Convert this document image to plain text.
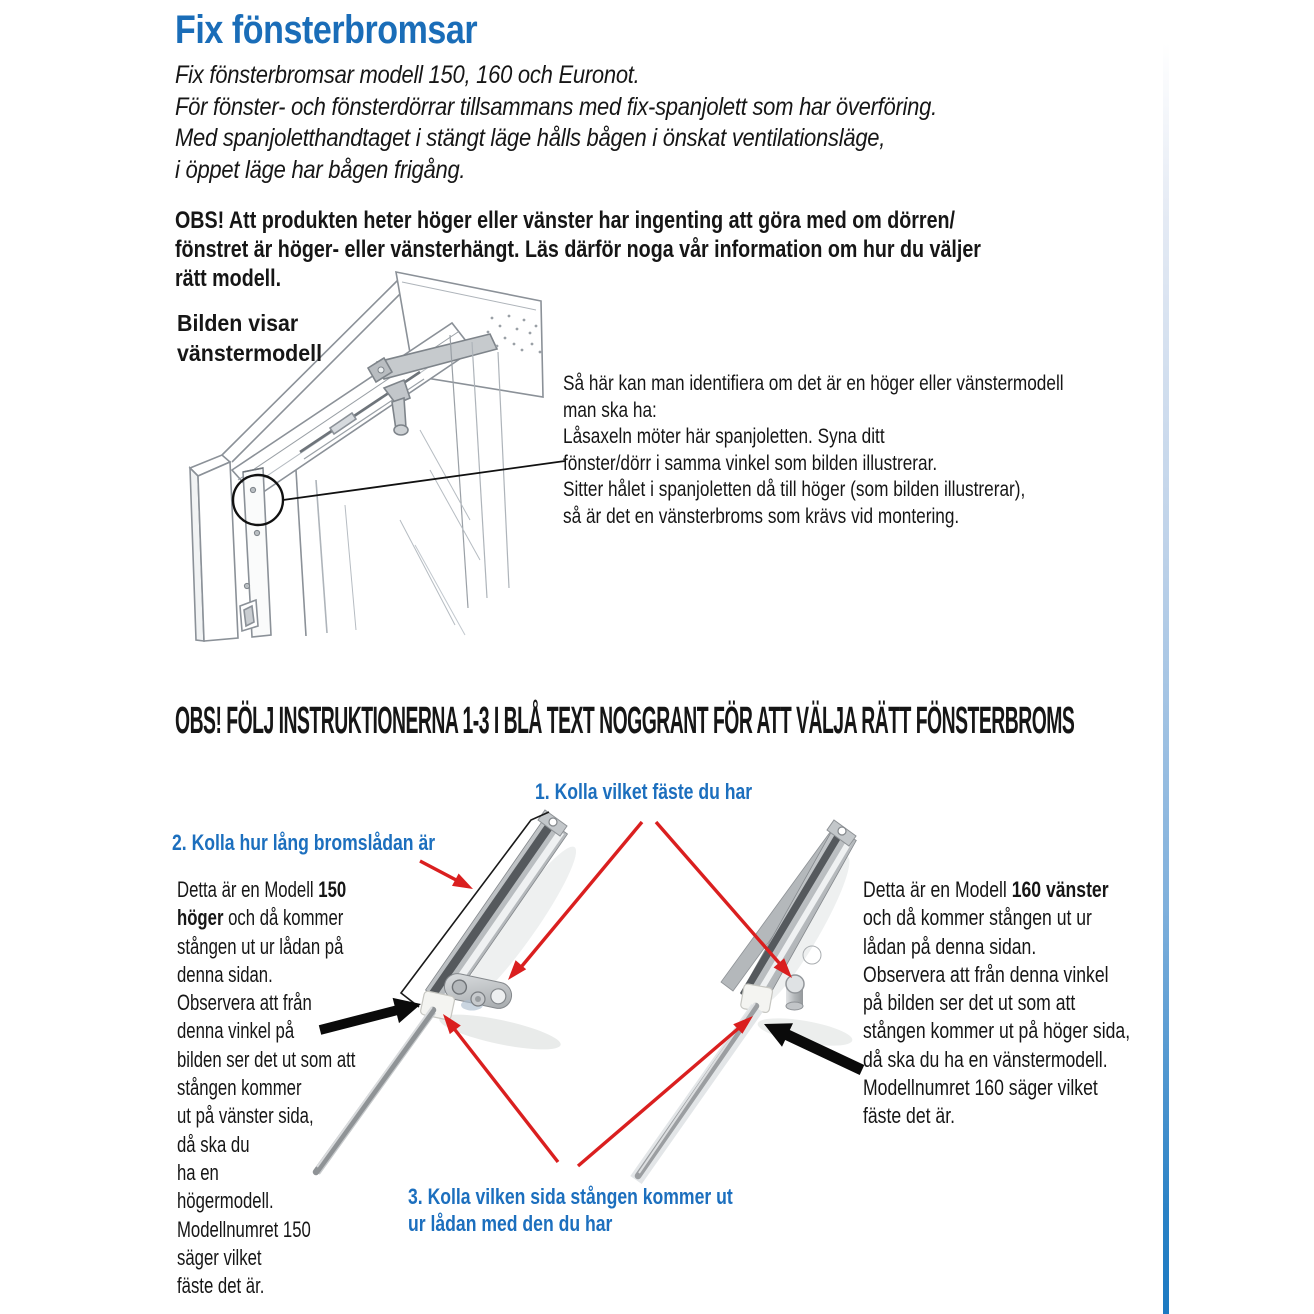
Fix fönsterbromsar
Fix fönsterbromsar modell 150, 160 och Euronot.
För fönster- och fönsterdörrar tillsammans med fix-spanjolett som har överföring.
Med spanjoletthandtaget i stängt läge hålls bågen i önskat ventilationsläge,
i öppet läge har bågen frigång.
OBS! Att produkten heter höger eller vänster har ingenting att göra med om dörren/
fönstret är höger- eller vänsterhängt. Läs därför noga vår information om hur du väljer
rätt modell.
Bilden visar
vänstermodell
Så här kan man identifiera om det är en höger eller vänstermodell
man ska ha:
Låsaxeln möter här spanjoletten. Syna ditt
fönster/dörr i samma vinkel som bilden illustrerar.
Sitter hålet i spanjoletten då till höger (som bilden illustrerar),
så är det en vänsterbroms som krävs vid montering.
OBS! FÖLJ INSTRUKTIONERNA 1-3 I BLÅ TEXT NOGGRANT FÖR ATT VÄLJA RÄTT FÖNSTERBROMS
1. Kolla vilket fäste du har
2. Kolla hur lång bromslådan är
3. Kolla vilken sida stången kommer ut
ur lådan med den du har
Detta är en Modell 150
höger och då kommer
stången ut ur lådan på
denna sidan.
Observera att från
denna vinkel på
bilden ser det ut som att
stången kommer
ut på vänster sida,
då ska du
ha en
högermodell.
Modellnumret 150
säger vilket
fäste det är.
Detta är en Modell 160 vänster
och då kommer stången ut ur
lådan på denna sidan.
Observera att från denna vinkel
på bilden ser det ut som att
stången kommer ut på höger sida,
då ska du ha en vänstermodell.
Modellnumret 160 säger vilket
fäste det är.
